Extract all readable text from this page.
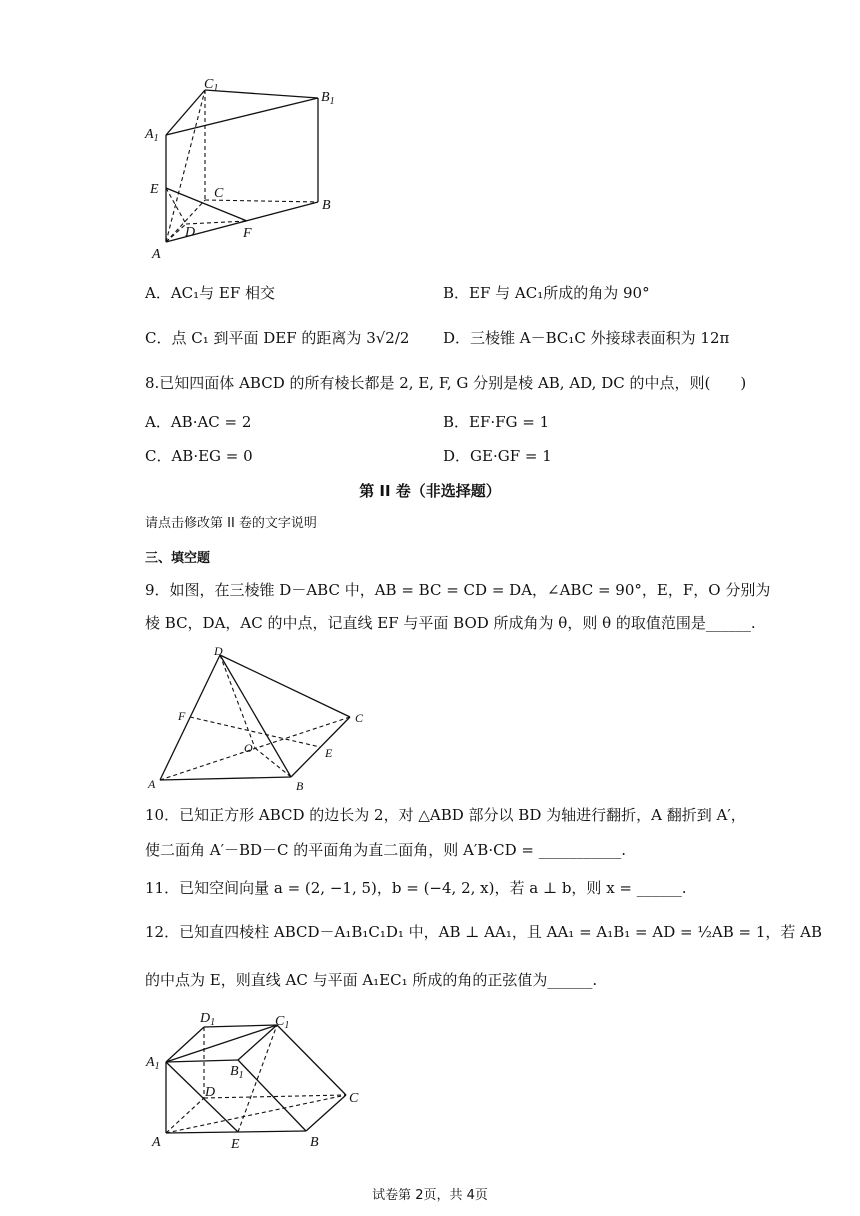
$C_1$
$B_1$
$A_1$
E	C
B
D	F
A
A．AC₁与 EF 相交	B．EF 与 AC₁所成的角为 90°
C．点 C₁ 到平面 DEF 的距离为 3√2/2 D．三棱锥 A－BC₁C 外接球表面积为 12π
8.已知四面体 ABCD 的所有棱长都是 2, E, F, G 分别是棱 AB, AD, DC 的中点，则(　　)
A．AB·AC = 2	B．EF·FG = 1
C．AB·EG = 0	D．GE·GF = 1
第 II 卷（非选择题）
请点击修改第 II 卷的文字说明
三、填空题
9．如图，在三棱锥 D－ABC 中，AB = BC = CD = DA，∠ABC = 90°，E，F，O 分别为
棱 BC，DA，AC 的中点，记直线 EF 与平面 BOD 所成角为 θ，则 θ 的取值范围是______.
D
F	C
O	E
A	B
10．已知正方形 ABCD 的边长为 2，对 △ABD 部分以 BD 为轴进行翻折，A 翻折到 A′，
使二面角 A′－BD－C 的平面角为直二面角，则 A′B·CD = ___________.
11．已知空间向量 a = (2, −1, 5)，b = (−4, 2, x)，若 a ⊥ b，则 x = ______.
12．已知直四棱柱 ABCD－A₁B₁C₁D₁ 中，AB ⊥ AA₁，且 AA₁ = A₁B₁ = AD = ½AB = 1，若 AB
的中点为 E，则直线 AC 与平面 A₁EC₁ 所成的角的正弦值为______.
$D_1$	$C_1$
$A_1$	$B_1$
D	C
A	E	B
试卷第 2页，共 4页
